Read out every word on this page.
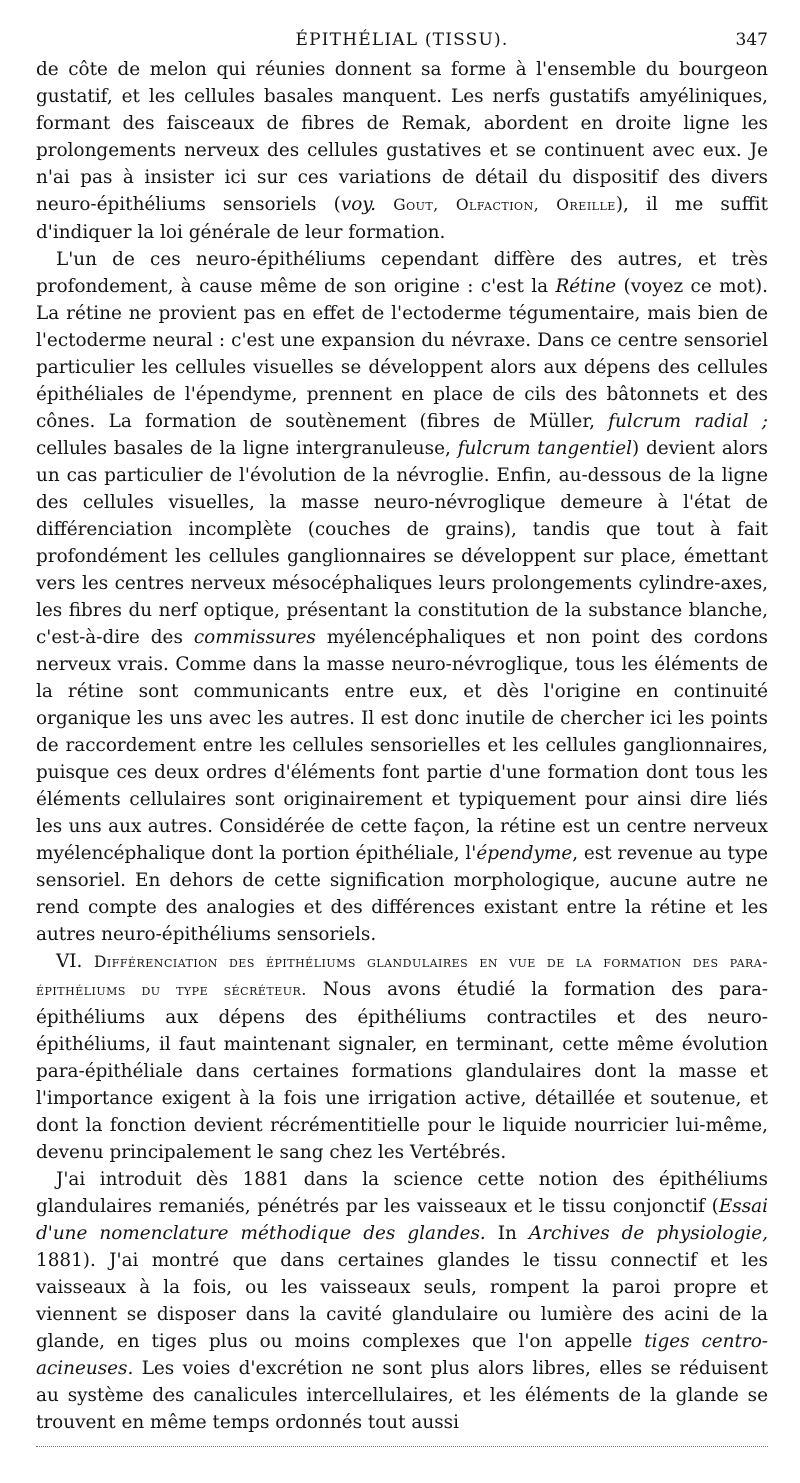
ÉPITHÉLIAL (TISSU).	347

de côte de melon qui réunies donnent sa forme à l'ensemble du bourgeon gustatif, et les cellules basales manquent. Les nerfs gustatifs amyéliniques, formant des faisceaux de fibres de Remak, abordent en droite ligne les prolongements nerveux des cellules gustatives et se continuent avec eux. Je n'ai pas à insister ici sur ces variations de détail du dispositif des divers neuro-épithéliums sensoriels (voy. Gout, Olfaction, Oreille), il me suffit d'indiquer la loi générale de leur formation.

L'un de ces neuro-épithéliums cependant diffère des autres, et très profondement, à cause même de son origine : c'est la Rétine (voyez ce mot). La rétine ne provient pas en effet de l'ectoderme tégumentaire, mais bien de l'ectoderme neural : c'est une expansion du névraxe. Dans ce centre sensoriel particulier les cellules visuelles se développent alors aux dépens des cellules épithéliales de l'épendyme, prennent en place de cils des bâtonnets et des cônes. La formation de soutènement (fibres de Müller, fulcrum radial ; cellules basales de la ligne intergranuleuse, fulcrum tangentiel) devient alors un cas particulier de l'évolution de la névroglie. Enfin, au-dessous de la ligne des cellules visuelles, la masse neuro-névroglique demeure à l'état de différenciation incomplète (couches de grains), tandis que tout à fait profondément les cellules ganglionnaires se développent sur place, émettant vers les centres nerveux mésocéphaliques leurs prolongements cylindre-axes, les fibres du nerf optique, présentant la constitution de la substance blanche, c'est-à-dire des commissures myélencéphaliques et non point des cordons nerveux vrais. Comme dans la masse neuro-névroglique, tous les éléments de la rétine sont communicants entre eux, et dès l'origine en continuité organique les uns avec les autres. Il est donc inutile de chercher ici les points de raccordement entre les cellules sensorielles et les cellules ganglionnaires, puisque ces deux ordres d'éléments font partie d'une formation dont tous les éléments cellulaires sont originairement et typiquement pour ainsi dire liés les uns aux autres. Considérée de cette façon, la rétine est un centre nerveux myélencéphalique dont la portion épithéliale, l'épendyme, est revenue au type sensoriel. En dehors de cette signification morphologique, aucune autre ne rend compte des analogies et des différences existant entre la rétine et les autres neuro-épithéliums sensoriels.

VI. Différenciation des épithéliums glandulaires en vue de la formation des para-épithéliums du type sécréteur. Nous avons étudié la formation des para-épithéliums aux dépens des épithéliums contractiles et des neuro-épithéliums, il faut maintenant signaler, en terminant, cette même évolution para-épithéliale dans certaines formations glandulaires dont la masse et l'importance exigent à la fois une irrigation active, détaillée et soutenue, et dont la fonction devient récrémentitielle pour le liquide nourricier lui-même, devenu principalement le sang chez les Vertébrés.

J'ai introduit dès 1881 dans la science cette notion des épithéliums glandulaires remaniés, pénétrés par les vaisseaux et le tissu conjonctif (Essai d'une nomenclature méthodique des glandes. In Archives de physiologie, 1881). J'ai montré que dans certaines glandes le tissu connectif et les vaisseaux à la fois, ou les vaisseaux seuls, rompent la paroi propre et viennent se disposer dans la cavité glandulaire ou lumière des acini de la glande, en tiges plus ou moins complexes que l'on appelle tiges centro-acineuses. Les voies d'excrétion ne sont plus alors libres, elles se réduisent au système des canalicules intercellulaires, et les éléments de la glande se trouvent en même temps ordonnés tout aussi
